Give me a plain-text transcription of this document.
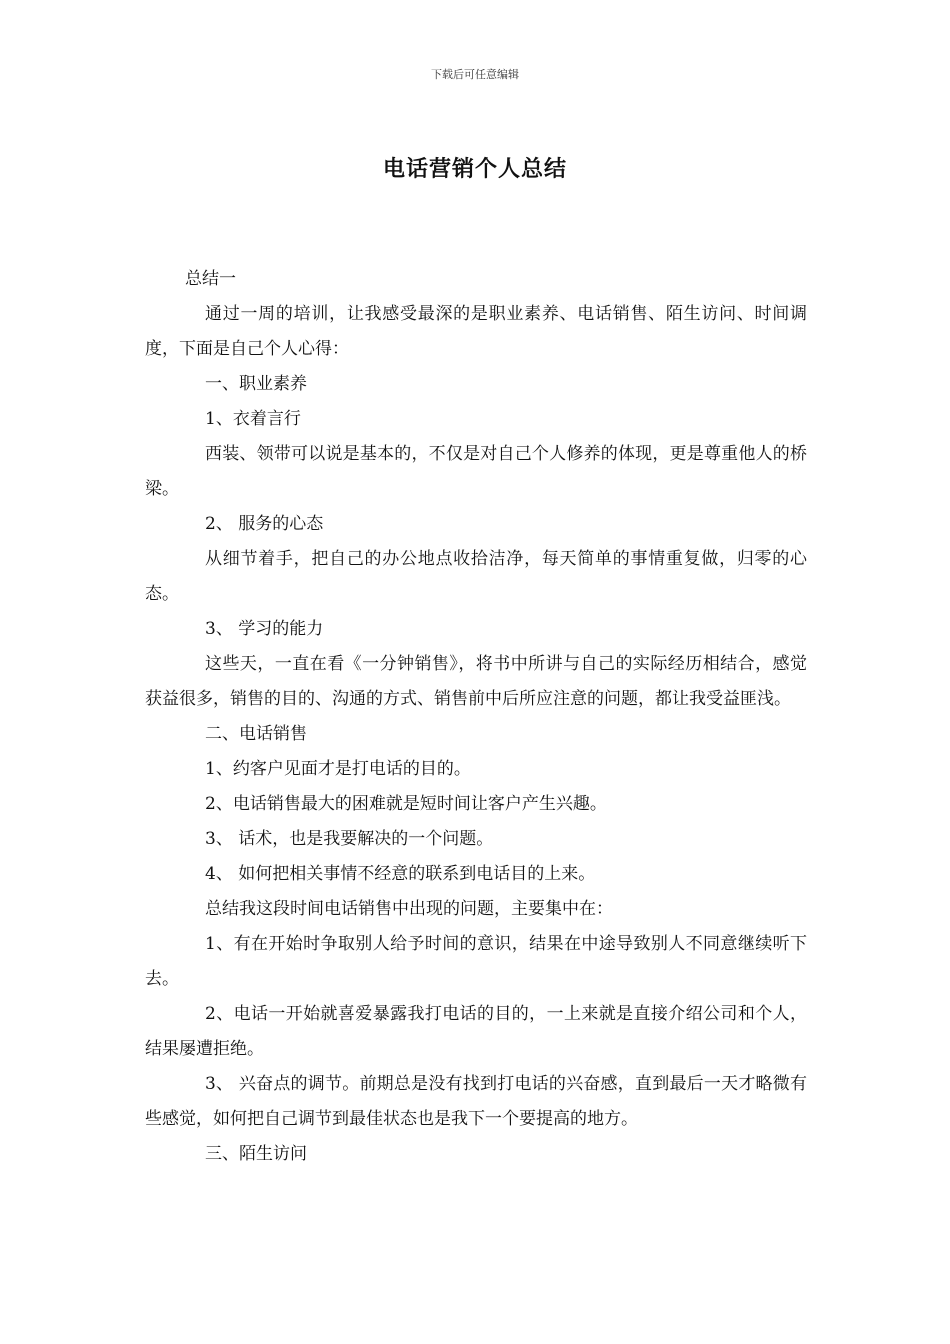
下载后可任意编辑
电话营销个人总结

总结一

通过一周的培训，让我感受最深的是职业素养、电话销售、陌生访问、时间调度，下面是自己个人心得：

一、职业素养

1、衣着言行

西装、领带可以说是基本的，不仅是对自己个人修养的体现，更是尊重他人的桥梁。

2、 服务的心态

从细节着手，把自己的办公地点收拾洁净，每天简单的事情重复做，归零的心态。

3、 学习的能力

这些天，一直在看《一分钟销售》，将书中所讲与自己的实际经历相结合，感觉获益很多，销售的目的、沟通的方式、销售前中后所应注意的问题，都让我受益匪浅。

二、电话销售

1、约客户见面才是打电话的目的。

2、电话销售最大的困难就是短时间让客户产生兴趣。

3、 话术，也是我要解决的一个问题。

4、 如何把相关事情不经意的联系到电话目的上来。

总结我这段时间电话销售中出现的问题，主要集中在：

1、有在开始时争取别人给予时间的意识，结果在中途导致别人不同意继续听下去。

2、电话一开始就喜爱暴露我打电话的目的，一上来就是直接介绍公司和个人，结果屡遭拒绝。

3、 兴奋点的调节。前期总是没有找到打电话的兴奋感，直到最后一天才略微有些感觉，如何把自己调节到最佳状态也是我下一个要提高的地方。

三、陌生访问
